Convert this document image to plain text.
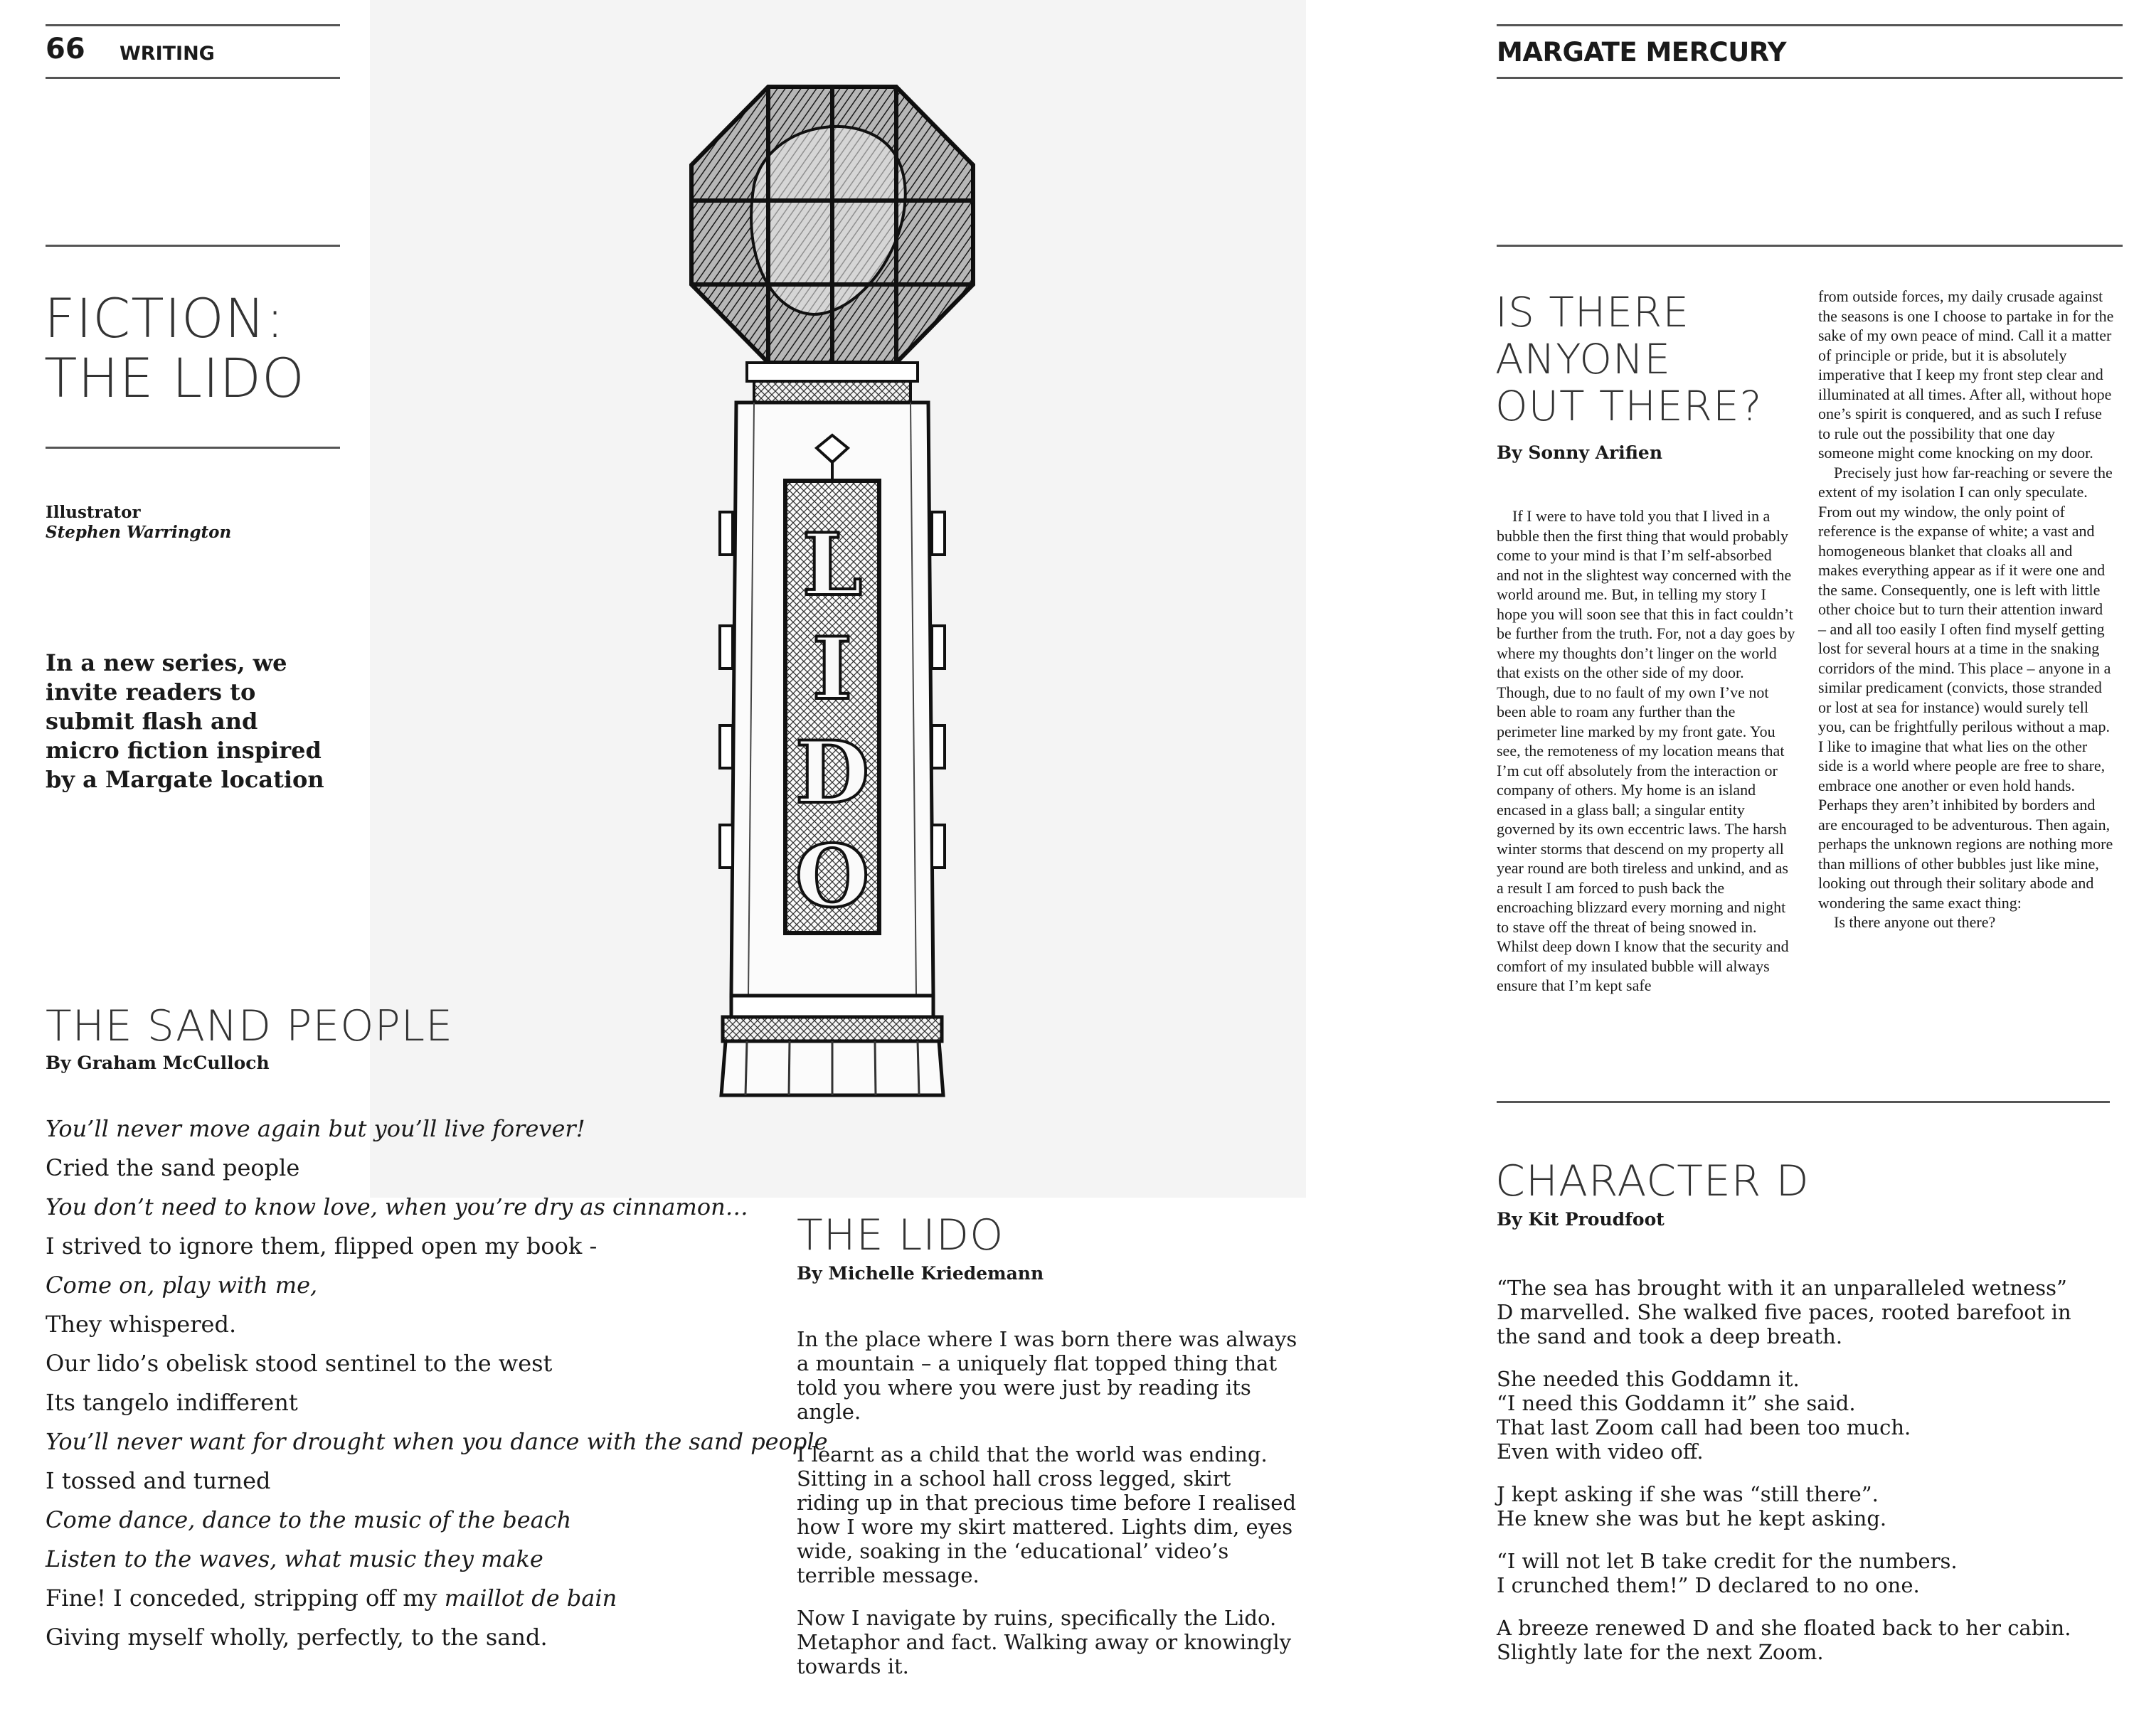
66 WRITING
FICTION:
THE LIDO
Illustrator
Stephen Warrington
In a new series, we invite readers to submit flash and micro fiction inspired by a Margate location
L
I
D
O
THE SAND PEOPLE
By Graham McCulloch

You’ll never move again but you’ll live forever!

Cried the sand people

You don’t need to know love, when you’re dry as cinnamon…

I strived to ignore them, flipped open my book -

Come on, play with me,

They whispered.

Our lido’s obelisk stood sentinel to the west

Its tangelo indifferent

You’ll never want for drought when you dance with the sand people

I tossed and turned

Come dance, dance to the music of the beach

Listen to the waves, what music they make

Fine! I conceded, stripping off my maillot de bain

Giving myself wholly, perfectly, to the sand.

THE LIDO
By Michelle Kriedemann

In the place where I was born there was always a mountain – a uniquely flat topped thing that told you where you were just by reading its angle.

I learnt as a child that the world was ending. Sitting in a school hall cross legged, skirt riding up in that precious time before I realised how I wore my skirt mattered. Lights dim, eyes wide, soaking in the ‘educational’ video’s terrible message.

Now I navigate by ruins, specifically the Lido. Metaphor and fact. Walking away or knowingly towards it.

MARGATE MERCURY
IS THERE
ANYONE
OUT THERE?
By Sonny Arifien

If I were to have told you that I lived in a bubble then the first thing that would probably come to your mind is that I’m self-absorbed and not in the slightest way concerned with the world around me. But, in telling my story I hope you will soon see that this in fact couldn’t be further from the truth. For, not a day goes by where my thoughts don’t linger on the world that exists on the other side of my door. Though, due to no fault of my own I’ve not been able to roam any further than the perimeter line marked by my front gate. You see, the remoteness of my location means that I’m cut off absolutely from the interaction or company of others. My home is an island encased in a glass ball; a singular entity governed by its own eccentric laws. The harsh winter storms that descend on my property all year round are both tireless and unkind, and as a result I am forced to push back the encroaching blizzard every morning and night to stave off the threat of being snowed in. Whilst deep down I know that the security and comfort of my insulated bubble will always ensure that I’m kept safe

from outside forces, my daily crusade against the seasons is one I choose to partake in for the sake of my own peace of mind. Call it a matter of principle or pride, but it is absolutely imperative that I keep my front step clear and illuminated at all times. After all, without hope one’s spirit is conquered, and as such I refuse to rule out the possibility that one day someone might come knocking on my door.

Precisely just how far-reaching or severe the extent of my isolation I can only speculate. From out my window, the only point of reference is the expanse of white; a vast and homogeneous blanket that cloaks all and makes everything appear as if it were one and the same. Consequently, one is left with little other choice but to turn their attention inward – and all too easily I often find myself getting lost for several hours at a time in the snaking corridors of the mind. This place – anyone in a similar predicament (convicts, those stranded or lost at sea for instance) would surely tell you, can be frightfully perilous without a map. I like to imagine that what lies on the other side is a world where people are free to share, embrace one another or even hold hands. Perhaps they aren’t inhibited by borders and are encouraged to be adventurous. Then again, perhaps the unknown regions are nothing more than millions of other bubbles just like mine, looking out through their solitary abode and wondering the same exact thing:

Is there anyone out there?

CHARACTER D
By Kit Proudfoot

“The sea has brought with it an unparalleled wetness” D marvelled. She walked five paces, rooted barefoot in the sand and took a deep breath.

She needed this Goddamn it.
“I need this Goddamn it” she said.
That last Zoom call had been too much.
Even with video off.

J kept asking if she was “still there”.
He knew she was but he kept asking.

“I will not let B take credit for the numbers.
I crunched them!” D declared to no one.

A breeze renewed D and she floated back to her cabin.
Slightly late for the next Zoom.
